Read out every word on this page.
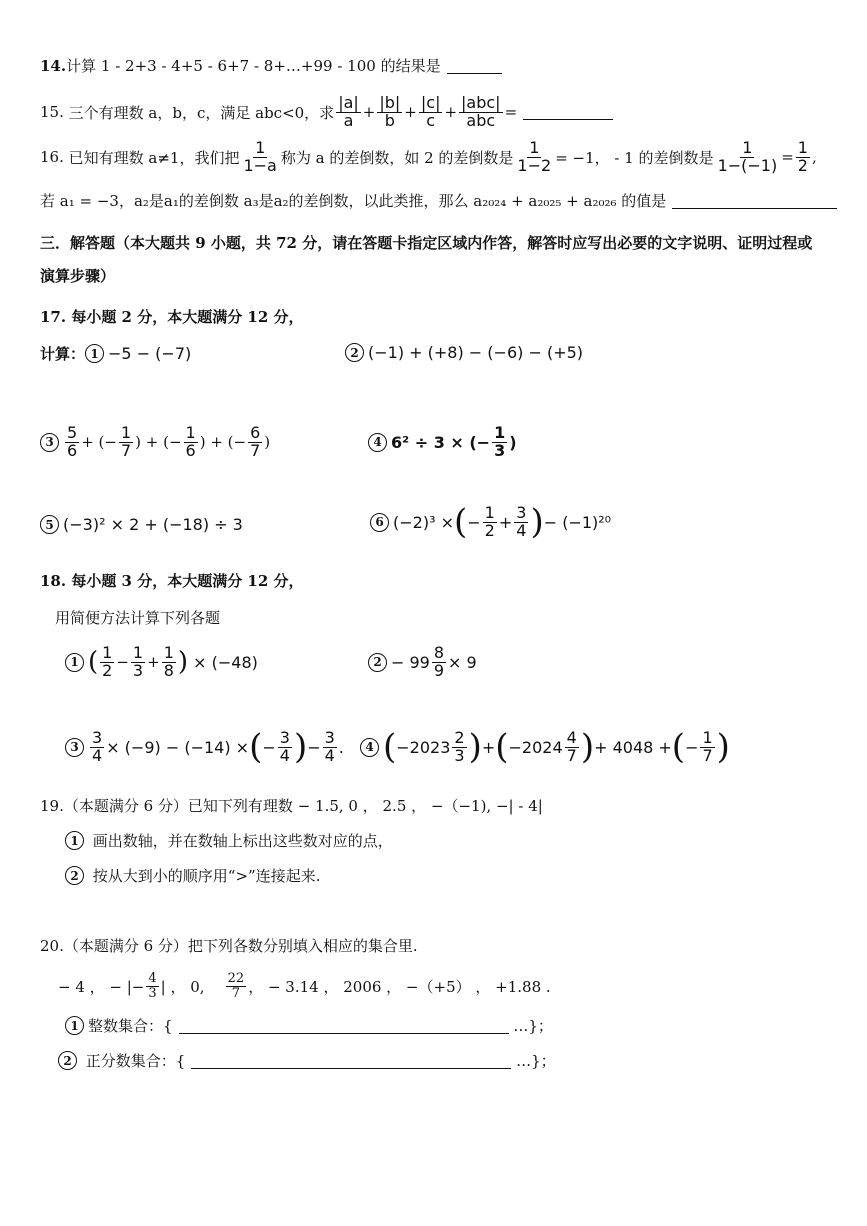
14. 计算 1 - 2+3 - 4+5 - 6+7 - 8+…+99 - 100 的结果是
15.
三个有理数 a，b，c，满足 abc<0，求 $\frac{|a|}{a} + \frac{|b|}{b} + \frac{|c|}{c} + \frac{\text{|abc|}}{\text{abc}}$ =
16.
已知有理数 a≠1，我们把 $\frac{1}{1-a}$ 称为 a 的差倒数，如 2 的差倒数是 $\frac{1}{1-2} = -1$， - 1 的差倒数是 $\frac{1}{1-(-1)} = \frac{1}{2}$ ,
若 a₁ = −3，a₂是a₁的差倒数 a₃是a₂的差倒数，以此类推，那么 a₂₀₂₄ + a₂₀₂₅ + a₂₀₂₆ 的值是
三．解答题（本大题共 9 小题，共 72 分，请在答题卡指定区域内作答，解答时应写出必要的文字说明、证明过程或
演算步骤）
17. 每小题 2 分，本大题满分 12 分，
计算： 1 −5 − (−7)	2 (−1) + (+8) − (−6) − (+5)
$3 \frac{5}{6}$ + (− $\frac{1}{7}$ ) + (− $\frac{1}{6}$ ) + (− $\frac{6}{7}$ )	4 6² ÷ 3 × (− $\frac{1}{3}$ )
5 (−3)² × 2 + (−18) ÷ 3	6 (−2)³ × ( − $\frac{1}{2} + \frac{3}{4}$ ) − (−1)²⁰
18. 每小题 3 分，本大题满分 12 分，
用简便方法计算下列各题
1 ( $\frac{1}{2} - \frac{1}{3} + \frac{1}{8}$ ) × (−48)	$2 - 99 \frac{8}{9} \times 9$
$3 \frac{3}{4} \times (-9) - (-14)$ × ( − $\frac{3}{4}$ ) − $\frac{3}{4}$ .	4 ( $-2023 \frac{2}{3}$ ) + ( $-2024 \frac{4}{7}$ ) + 4048 + ( − $\frac{1}{7}$ )
19.（本题满分 6 分）已知下列有理数 − 1.5, 0 ， 2.5 ， −（−1), −| - 4|
1
画出数轴，并在数轴上标出这些数对应的点，
2
按从大到小的顺序用“>”连接起来.
20.（本题满分 6 分）把下列各数分别填入相应的集合里.
− 4 ， − |− $\frac{4}{3}$ | ， 0,
$\frac{22}{7}$ ， − 3.14 ， 2006 ， −（+5） ， +1.88 .
1 整数集合：{
	…}；
2
正分数集合：{
	…}；
